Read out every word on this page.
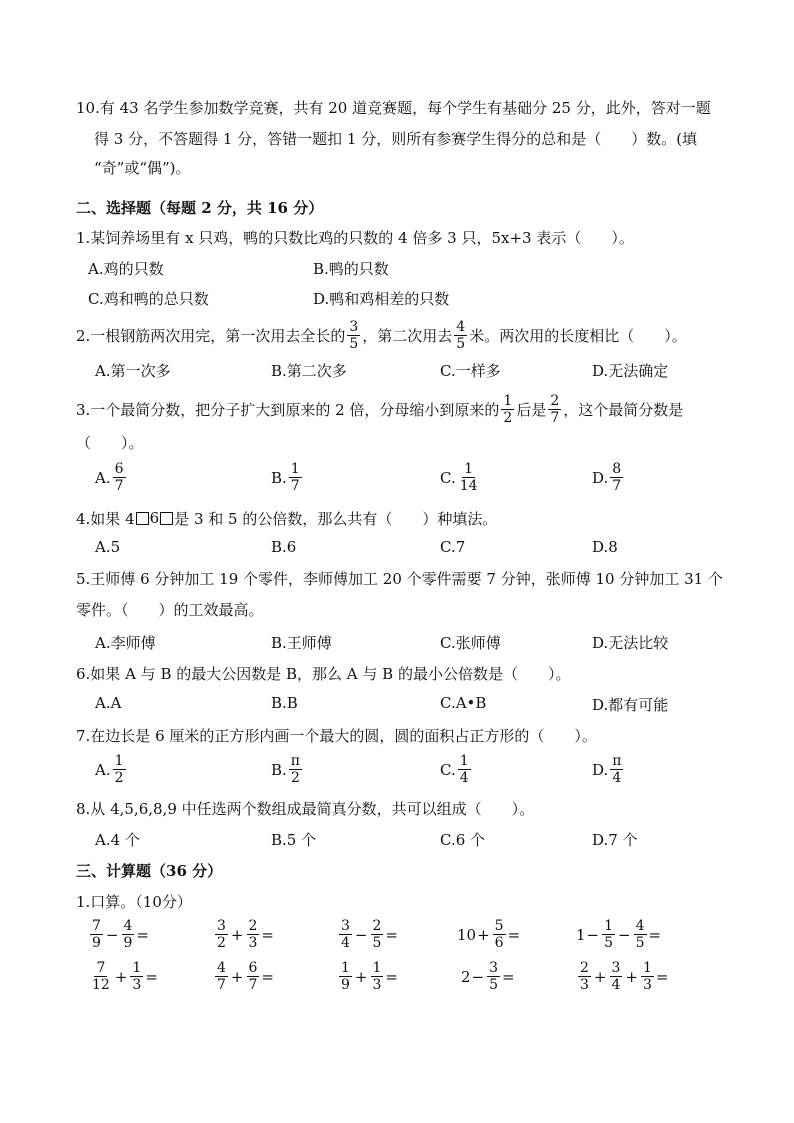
10.有 43 名学生参加数学竞赛，共有 20 道竞赛题，每个学生有基础分 25 分，此外，答对一题
得 3 分，不答题得 1 分，答错一题扣 1 分，则所有参赛学生得分的总和是（　　）数。(填
“奇”或“偶”)。
二、选择题（每题 2 分，共 16 分）
1.某饲养场里有 x 只鸡，鸭的只数比鸡的只数的 4 倍多 3 只，5x+3 表示（　　）。
A.鸡的只数	B.鸭的只数
C.鸡和鸭的总只数	D.鸭和鸡相差的只数
2.一根钢筋两次用完，第一次用去全长的 $\frac{3}{5}$ ，第二次用去 $\frac{4}{5}$ 米。两次用的长度相比（　　）。
A.第一次多	B.第二次多	C.一样多	D.无法确定
3.一个最简分数，把分子扩大到原来的 2 倍，分母缩小到原来的 $\frac{1}{2}$ 后是 $\frac{2}{7}$ ，这个最简分数是
（　　）。
A. $\frac{6}{7}$	B. $\frac{1}{7}$	C. $\frac{1}{14}$	D. $\frac{8}{7}$
4.如果 4 6 是 3 和 5 的公倍数，那么共有（　　）种填法。
A.5	B.6	C.7	D.8
5.王师傅 6 分钟加工 19 个零件，李师傅加工 20 个零件需要 7 分钟，张师傅 10 分钟加工 31 个
零件。（　　）的工效最高。
A.李师傅	B.王师傅	C.张师傅	D.无法比较
6.如果 A 与 B 的最大公因数是 B，那么 A 与 B 的最小公倍数是（　　）。
A.A	B.B	C.A•B	D.都有可能
7.在边长是 6 厘米的正方形内画一个最大的圆，圆的面积占正方形的（　　）。
A. $\frac{1}{2}$	B. $\frac{\pi}{2}$	C. $\frac{1}{4}$	D. $\frac{\pi}{4}$
8.从 4,5,6,8,9 中任选两个数组成最简真分数，共可以组成（　　）。
A.4 个	B.5 个	C.6 个	D.7 个
三、计算题（36 分）
1.口算。（10分）
$\frac{7}{9} - \frac{4}{9}$ =	$\frac{3}{2} + \frac{2}{3}$ =	$\frac{3}{4} - \frac{2}{5}$ =	$10 + \frac{5}{6}$ =	$1 - \frac{1}{5} - \frac{4}{5}$ =
$\frac{7}{12} + \frac{1}{3}$ =	$\frac{4}{7} + \frac{6}{7}$ =	$\frac{1}{9} + \frac{1}{3}$ =	$2 - \frac{3}{5}$ =	$\frac{2}{3} + \frac{3}{4} + \frac{1}{3}$ =
